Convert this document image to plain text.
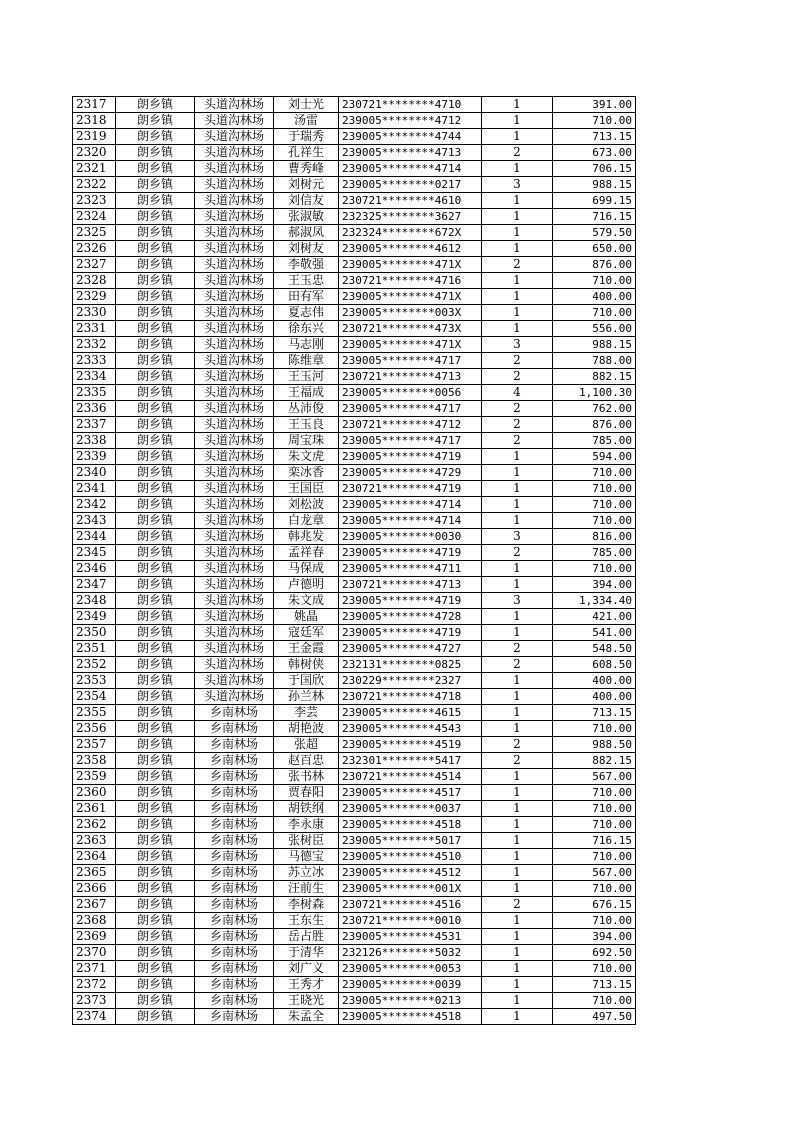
2317	朗乡镇	头道沟林场	刘士光	230721********4710	1	391.00
2318	朗乡镇	头道沟林场	汤雷	239005********4712	1	710.00
2319	朗乡镇	头道沟林场	于瑞秀	239005********4744	1	713.15
2320	朗乡镇	头道沟林场	孔祥生	239005********4713	2	673.00
2321	朗乡镇	头道沟林场	曹秀峰	239005********4714	1	706.15
2322	朗乡镇	头道沟林场	刘树元	239005********0217	3	988.15
2323	朗乡镇	头道沟林场	刘信友	230721********4610	1	699.15
2324	朗乡镇	头道沟林场	张淑敏	232325********3627	1	716.15
2325	朗乡镇	头道沟林场	郝淑凤	232324********672X	1	579.50
2326	朗乡镇	头道沟林场	刘树友	239005********4612	1	650.00
2327	朗乡镇	头道沟林场	李敬强	239005********471X	2	876.00
2328	朗乡镇	头道沟林场	王玉忠	230721********4716	1	710.00
2329	朗乡镇	头道沟林场	田有军	239005********471X	1	400.00
2330	朗乡镇	头道沟林场	夏志伟	239005********003X	1	710.00
2331	朗乡镇	头道沟林场	徐东兴	230721********473X	1	556.00
2332	朗乡镇	头道沟林场	马志刚	239005********471X	3	988.15
2333	朗乡镇	头道沟林场	陈维章	239005********4717	2	788.00
2334	朗乡镇	头道沟林场	王玉河	230721********4713	2	882.15
2335	朗乡镇	头道沟林场	王福成	239005********0056	4	1,100.30
2336	朗乡镇	头道沟林场	丛沛俊	239005********4717	2	762.00
2337	朗乡镇	头道沟林场	王玉良	230721********4712	2	876.00
2338	朗乡镇	头道沟林场	周宝珠	239005********4717	2	785.00
2339	朗乡镇	头道沟林场	朱文虎	239005********4719	1	594.00
2340	朗乡镇	头道沟林场	栾冰香	239005********4729	1	710.00
2341	朗乡镇	头道沟林场	王国臣	230721********4719	1	710.00
2342	朗乡镇	头道沟林场	刘松波	239005********4714	1	710.00
2343	朗乡镇	头道沟林场	白龙章	239005********4714	1	710.00
2344	朗乡镇	头道沟林场	韩兆发	239005********0030	3	816.00
2345	朗乡镇	头道沟林场	孟祥春	239005********4719	2	785.00
2346	朗乡镇	头道沟林场	马保成	239005********4711	1	710.00
2347	朗乡镇	头道沟林场	卢德明	230721********4713	1	394.00
2348	朗乡镇	头道沟林场	朱文成	239005********4719	3	1,334.40
2349	朗乡镇	头道沟林场	姚晶	239005********4728	1	421.00
2350	朗乡镇	头道沟林场	寇廷军	239005********4719	1	541.00
2351	朗乡镇	头道沟林场	王金霞	239005********4727	2	548.50
2352	朗乡镇	头道沟林场	韩树侠	232131********0825	2	608.50
2353	朗乡镇	头道沟林场	于国欣	230229********2327	1	400.00
2354	朗乡镇	头道沟林场	孙兰林	230721********4718	1	400.00
2355	朗乡镇	乡南林场	李芸	239005********4615	1	713.15
2356	朗乡镇	乡南林场	胡艳波	239005********4543	1	710.00
2357	朗乡镇	乡南林场	张超	239005********4519	2	988.50
2358	朗乡镇	乡南林场	赵百忠	232301********5417	2	882.15
2359	朗乡镇	乡南林场	张书林	230721********4514	1	567.00
2360	朗乡镇	乡南林场	贾春阳	239005********4517	1	710.00
2361	朗乡镇	乡南林场	胡铁纲	239005********0037	1	710.00
2362	朗乡镇	乡南林场	李永康	239005********4518	1	710.00
2363	朗乡镇	乡南林场	张树臣	239005********5017	1	716.15
2364	朗乡镇	乡南林场	马德宝	239005********4510	1	710.00
2365	朗乡镇	乡南林场	苏立冰	239005********4512	1	567.00
2366	朗乡镇	乡南林场	汪前生	239005********001X	1	710.00
2367	朗乡镇	乡南林场	李树森	230721********4516	2	676.15
2368	朗乡镇	乡南林场	王东生	230721********0010	1	710.00
2369	朗乡镇	乡南林场	岳占胜	239005********4531	1	394.00
2370	朗乡镇	乡南林场	于清华	232126********5032	1	692.50
2371	朗乡镇	乡南林场	刘广义	239005********0053	1	710.00
2372	朗乡镇	乡南林场	王秀才	239005********0039	1	713.15
2373	朗乡镇	乡南林场	王晓光	239005********0213	1	710.00
2374	朗乡镇	乡南林场	朱孟全	239005********4518	1	497.50
